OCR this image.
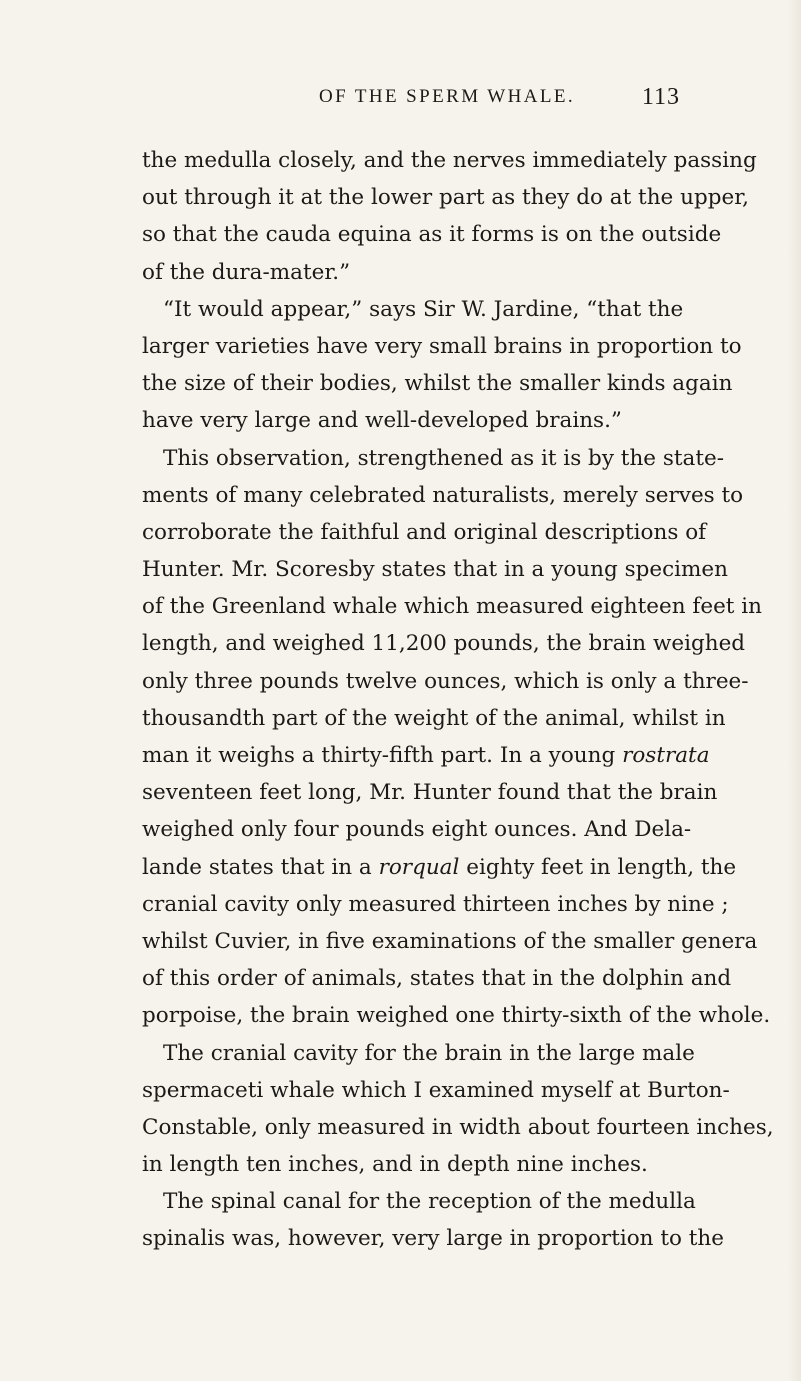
OF THE SPERM WHALE.	113
the medulla closely, and the nerves immediately passing
out through it at the lower part as they do at the upper,
so that the cauda equina as it forms is on the outside
of the dura-mater.”
“It would appear,” says Sir W. Jardine, “that the
larger varieties have very small brains in proportion to
the size of their bodies, whilst the smaller kinds again
have very large and well-developed brains.”
This observation, strengthened as it is by the state-
ments of many celebrated naturalists, merely serves to
corroborate the faithful and original descriptions of
Hunter. Mr. Scoresby states that in a young specimen
of the Greenland whale which measured eighteen feet in
length, and weighed 11,200 pounds, the brain weighed
only three pounds twelve ounces, which is only a three-
thousandth part of the weight of the animal, whilst in
man it weighs a thirty-fifth part. In a young rostrata
seventeen feet long, Mr. Hunter found that the brain
weighed only four pounds eight ounces. And Dela-
lande states that in a rorqual eighty feet in length, the
cranial cavity only measured thirteen inches by nine ;
whilst Cuvier, in five examinations of the smaller genera
of this order of animals, states that in the dolphin and
porpoise, the brain weighed one thirty-sixth of the whole.
The cranial cavity for the brain in the large male
spermaceti whale which I examined myself at Burton-
Constable, only measured in width about fourteen inches,
in length ten inches, and in depth nine inches.
The spinal canal for the reception of the medulla
spinalis was, however, very large in proportion to the
